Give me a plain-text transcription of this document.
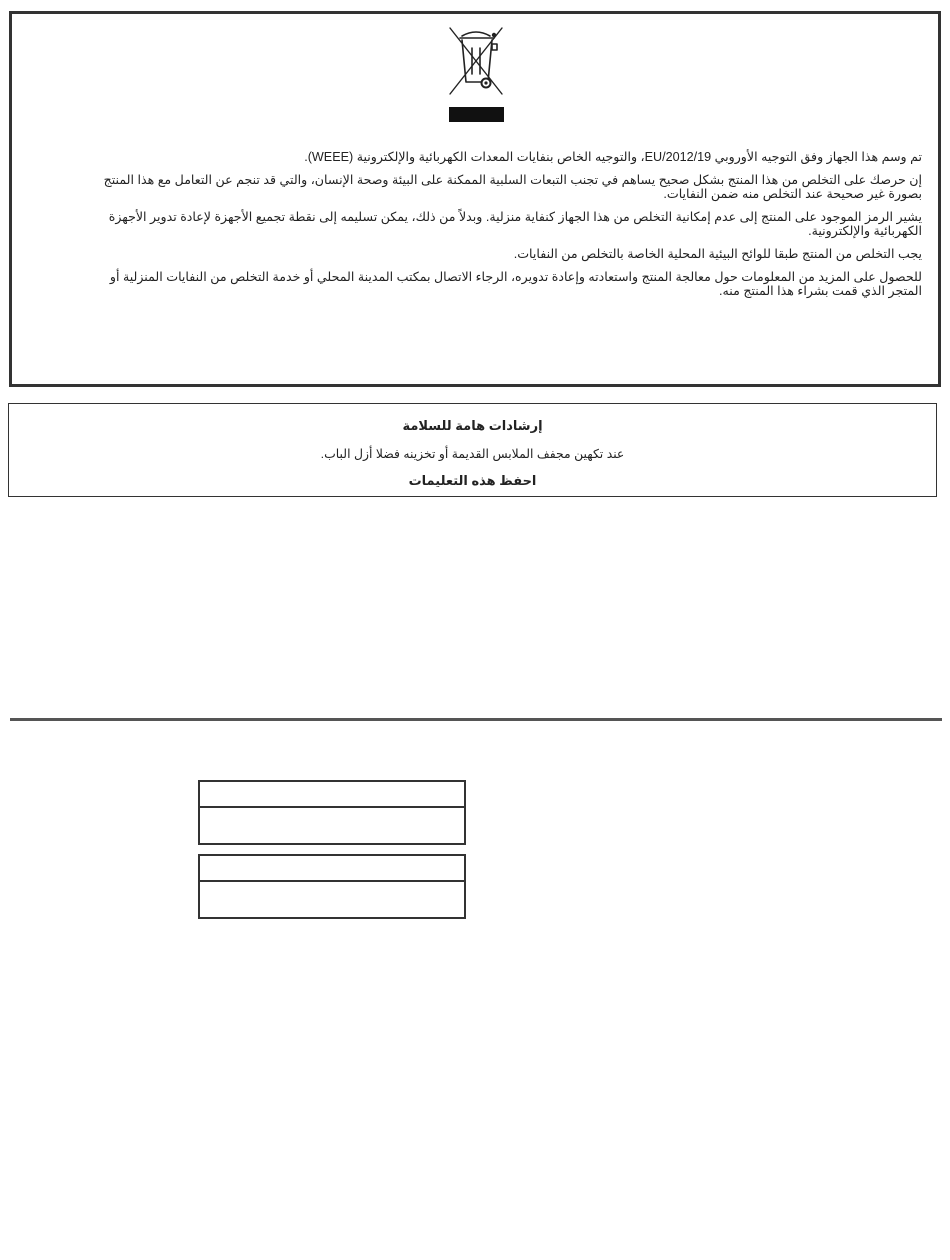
تم وسم هذا الجهاز وفق التوجيه الأوروبي EU/2012/19، والتوجيه الخاص بنفايات المعدات الكهربائية والإلكترونية (WEEE).

إن حرصك على التخلص من هذا المنتج بشكل صحيح يساهم في تجنب التبعات السلبية الممكنة على البيئة وصحة الإنسان، والتي قد تنجم عن التعامل مع هذا المنتج بصورة غير صحيحة عند التخلص منه ضمن النفايات.

يشير الرمز الموجود على المنتج إلى عدم إمكانية التخلص من هذا الجهاز كنفاية منزلية. وبدلاً من ذلك، يمكن تسليمه إلى نقطة تجميع الأجهزة لإعادة تدوير الأجهزة الكهربائية والإلكترونية.

يجب التخلص من المنتج طبقا للوائح البيئية المحلية الخاصة بالتخلص من النفايات.

للحصول على المزيد من المعلومات حول معالجة المنتج واستعادته وإعادة تدويره، الرجاء الاتصال بمكتب المدينة المحلي أو خدمة التخلص من النفايات المنزلية أو المتجر الذي قمت بشراء هذا المنتج منه.

إرشادات هامة للسلامة
عند تكهين مجفف الملابس القديمة أو تخزينه فضلا أزل الباب.
احفظ هذه التعليمات
